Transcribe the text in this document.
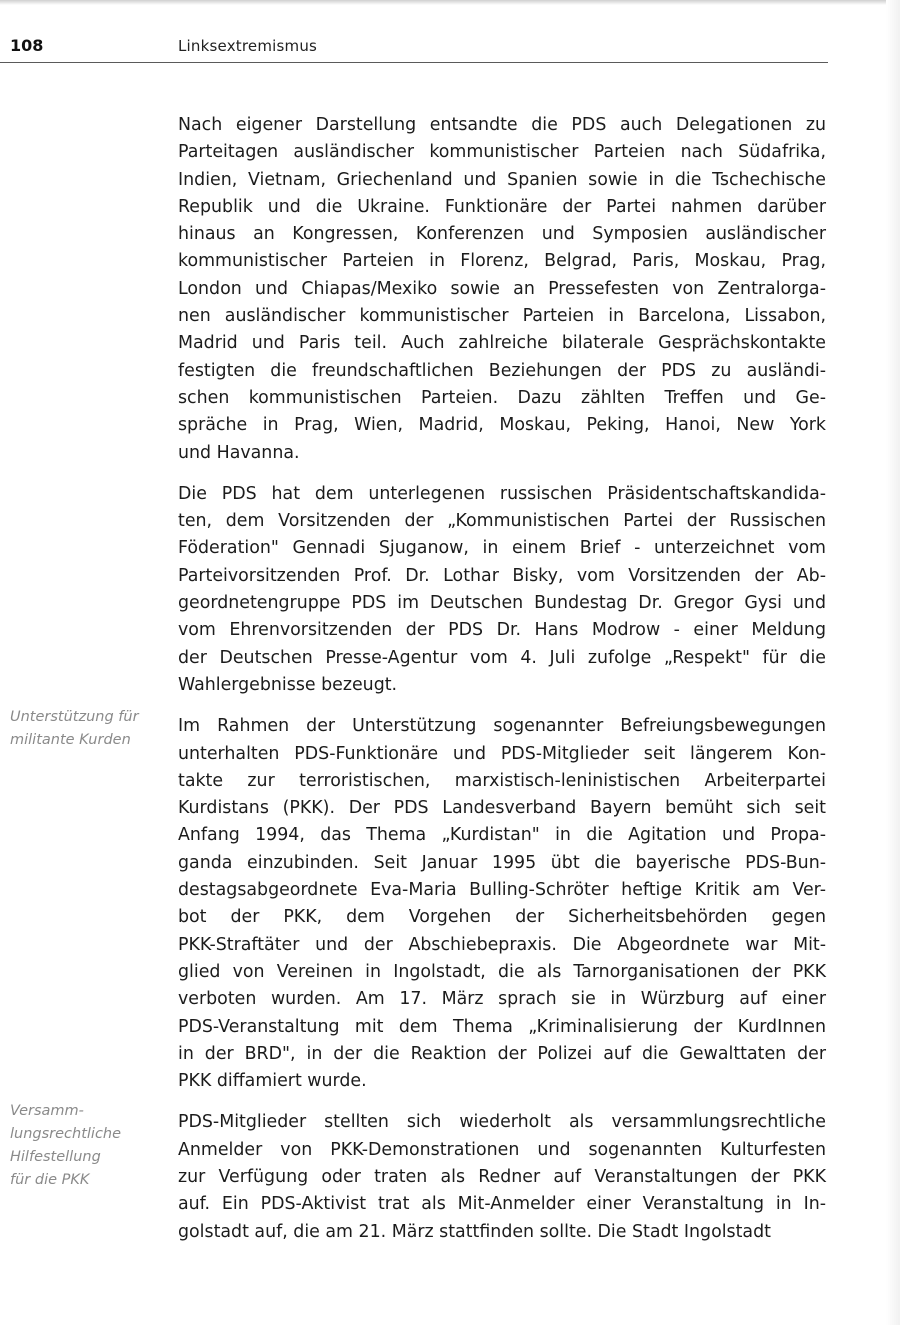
108	Linksextremismus
Unterstützung für
militante Kurden
Versamm-
lungsrechtliche
Hilfestellung
für die PKK

Nach eigener Darstellung entsandte die PDS auch Delegationen zu
Parteitagen ausländischer kommunistischer Parteien nach Südafrika,
Indien, Vietnam, Griechenland und Spanien sowie in die Tschechische
Republik und die Ukraine. Funktionäre der Partei nahmen darüber
hinaus an Kongressen, Konferenzen und Symposien ausländischer
kommunistischer Parteien in Florenz, Belgrad, Paris, Moskau, Prag,
London und Chiapas/Mexiko sowie an Pressefesten von Zentralorga-
nen ausländischer kommunistischer Parteien in Barcelona, Lissabon,
Madrid und Paris teil. Auch zahlreiche bilaterale Gesprächskontakte
festigten die freundschaftlichen Beziehungen der PDS zu ausländi-
schen kommunistischen Parteien. Dazu zählten Treffen und Ge-
spräche in Prag, Wien, Madrid, Moskau, Peking, Hanoi, New York
und Havanna.

Die PDS hat dem unterlegenen russischen Präsidentschaftskandida-
ten, dem Vorsitzenden der „Kommunistischen Partei der Russischen
Föderation" Gennadi Sjuganow, in einem Brief - unterzeichnet vom
Parteivorsitzenden Prof. Dr. Lothar Bisky, vom Vorsitzenden der Ab-
geordnetengruppe PDS im Deutschen Bundestag Dr. Gregor Gysi und
vom Ehrenvorsitzenden der PDS Dr. Hans Modrow - einer Meldung
der Deutschen Presse-Agentur vom 4. Juli zufolge „Respekt" für die
Wahlergebnisse bezeugt.

Im Rahmen der Unterstützung sogenannter Befreiungsbewegungen
unterhalten PDS-Funktionäre und PDS-Mitglieder seit längerem Kon-
takte zur terroristischen, marxistisch-leninistischen Arbeiterpartei
Kurdistans (PKK). Der PDS Landesverband Bayern bemüht sich seit
Anfang 1994, das Thema „Kurdistan" in die Agitation und Propa-
ganda einzubinden. Seit Januar 1995 übt die bayerische PDS-Bun-
destagsabgeordnete Eva-Maria Bulling-Schröter heftige Kritik am Ver-
bot der PKK, dem Vorgehen der Sicherheitsbehörden gegen
PKK-Straftäter und der Abschiebepraxis. Die Abgeordnete war Mit-
glied von Vereinen in Ingolstadt, die als Tarnorganisationen der PKK
verboten wurden. Am 17. März sprach sie in Würzburg auf einer
PDS-Veranstaltung mit dem Thema „Kriminalisierung der KurdInnen
in der BRD", in der die Reaktion der Polizei auf die Gewalttaten der
PKK diffamiert wurde.

PDS-Mitglieder stellten sich wiederholt als versammlungsrechtliche
Anmelder von PKK-Demonstrationen und sogenannten Kulturfesten
zur Verfügung oder traten als Redner auf Veranstaltungen der PKK
auf. Ein PDS-Aktivist trat als Mit-Anmelder einer Veranstaltung in In-
golstadt auf, die am 21. März stattfinden sollte. Die Stadt Ingolstadt
